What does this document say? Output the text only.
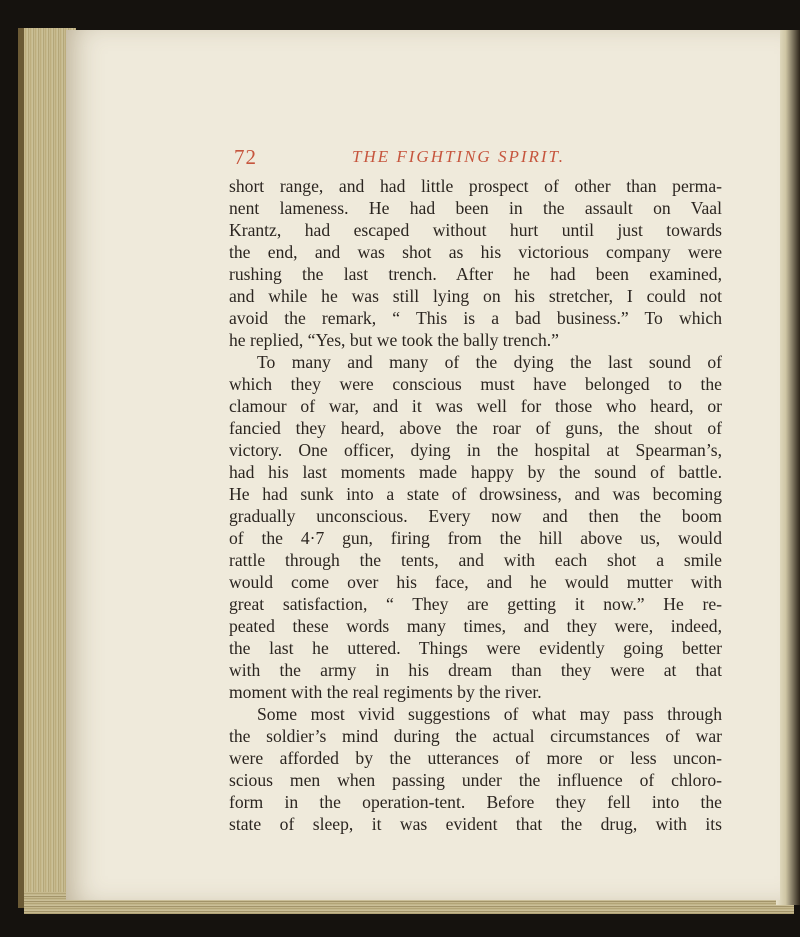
72	THE FIGHTING SPIRIT.

short range, and had little prospect of other than perma-
nent lameness. He had been in the assault on Vaal
Krantz, had escaped without hurt until just towards
the end, and was shot as his victorious company were
rushing the last trench. After he had been examined,
and while he was still lying on his stretcher, I could not
avoid the remark, “ This is a bad business.” To which
he replied, “Yes, but we took the bally trench.”

To many and many of the dying the last sound of
which they were conscious must have belonged to the
clamour of war, and it was well for those who heard, or
fancied they heard, above the roar of guns, the shout of
victory. One officer, dying in the hospital at Spearman’s,
had his last moments made happy by the sound of battle.
He had sunk into a state of drowsiness, and was becoming
gradually unconscious. Every now and then the boom
of the 4·7 gun, firing from the hill above us, would
rattle through the tents, and with each shot a smile
would come over his face, and he would mutter with
great satisfaction, “ They are getting it now.” He re-
peated these words many times, and they were, indeed,
the last he uttered. Things were evidently going better
with the army in his dream than they were at that
moment with the real regiments by the river.

Some most vivid suggestions of what may pass through
the soldier’s mind during the actual circumstances of war
were afforded by the utterances of more or less uncon-
scious men when passing under the influence of chloro-
form in the operation-tent. Before they fell into the
state of sleep, it was evident that the drug, with its
